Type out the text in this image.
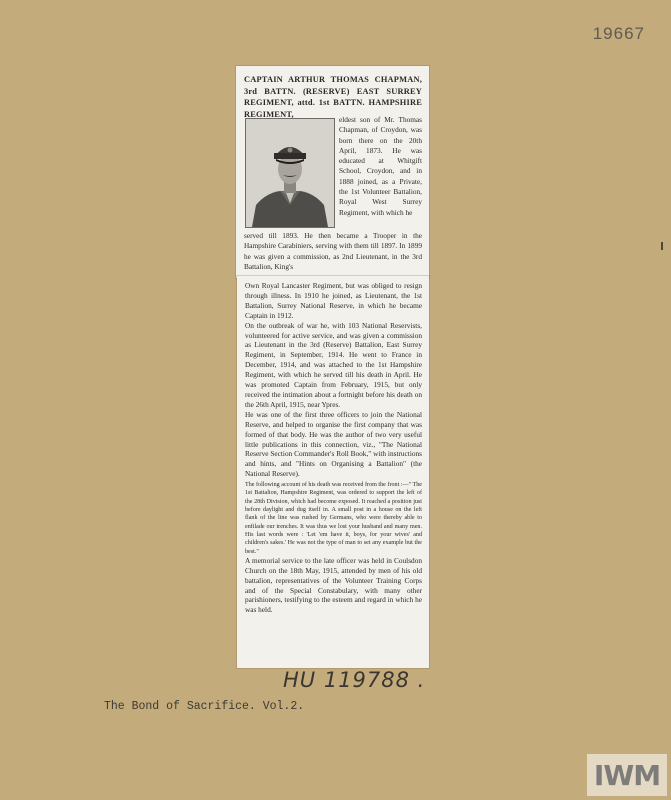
19667
CAPTAIN ARTHUR THOMAS CHAPMAN, 3rd BATTN. (RESERVE) EAST SURREY REGIMENT, attd. 1st BATTN. HAMPSHIRE REGIMENT,
eldest son of Mr. Thomas Chapman, of Croydon, was born there on the 20th April, 1873. He was educated at Whitgift School, Croydon, and in 1888 joined, as a Private, the 1st Volunteer Battalion, Royal West Surrey Regiment, with which he
served till 1893. He then became a Trooper in the Hampshire Carabiniers, serving with them till 1897. In 1899 he was given a commission, as 2nd Lieutenant, in the 3rd Battalion, King's

Own Royal Lancaster Regiment, but was obliged to resign through illness. In 1910 he joined, as Lieutenant, the 1st Battalion, Surrey National Reserve, in which he became Captain in 1912.

On the outbreak of war he, with 103 National Reservists, volunteered for active service, and was given a commission as Lieutenant in the 3rd (Reserve) Battalion, East Surrey Regiment, in September, 1914. He went to France in December, 1914, and was attached to the 1st Hampshire Regiment, with which he served till his death in April. He was promoted Captain from February, 1915, but only received the intimation about a fortnight before his death on the 26th April, 1915, near Ypres.

He was one of the first three officers to join the National Reserve, and helped to organise the first company that was formed of that body. He was the author of two very useful little publications in this connection, viz., "The National Reserve Section Commander's Roll Book," with instructions and hints, and "Hints on Organising a Battalion" (the National Reserve).

The following account of his death was received from the front :—" The 1st Battalion, Hampshire Regiment, was ordered to support the left of the 28th Division, which had become exposed. It reached a position just before daylight and dug itself in. A small post in a house on the left flank of the line was rushed by Germans, who were thereby able to enfilade our trenches. It was thus we lost your husband and many men. His last words were : 'Let 'em have it, boys, for your wives' and children's sakes.' He was not the type of man to set any example but the best."

A memorial service to the late officer was held in Coulsdon Church on the 18th May, 1915, attended by men of his old battalion, representatives of the Volunteer Training Corps and of the Special Constabulary, with many other parishioners, testifying to the esteem and regard in which he was held.

HU 119788 .
The Bond of Sacrifice. Vol.2.
IWM
